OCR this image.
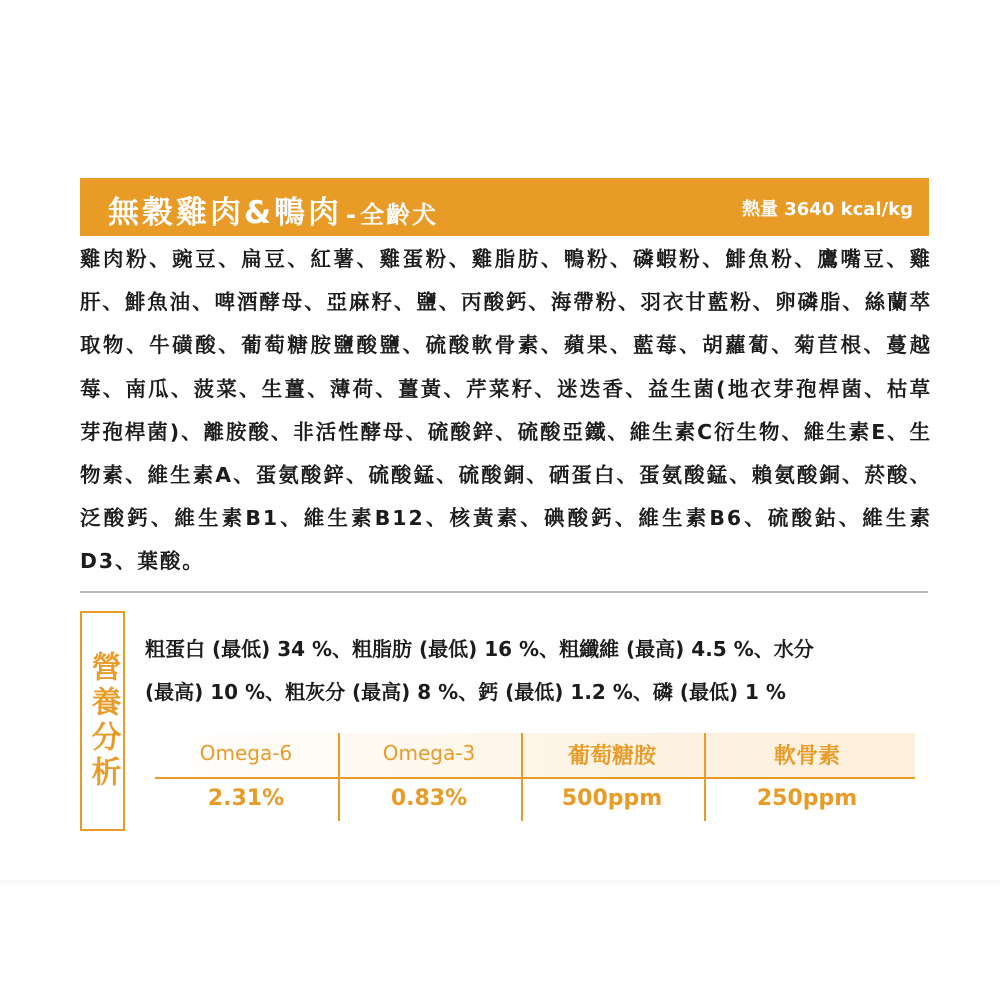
無穀雞肉&鴨肉 - 全齡犬	熱量 3640 kcal/kg

雞肉粉、豌豆、扁豆、紅薯、雞蛋粉、雞脂肪、鴨粉、磷蝦粉、鯡魚粉、鷹嘴豆、雞肝、鯡魚油、啤酒酵母、亞麻籽、鹽、丙酸鈣、海帶粉、羽衣甘藍粉、卵磷脂、絲蘭萃取物、牛磺酸、葡萄糖胺鹽酸鹽、硫酸軟骨素、蘋果、藍莓、胡蘿蔔、菊苣根、蔓越莓、南瓜、菠菜、生薑、薄荷、薑黃、芹菜籽、迷迭香、益生菌(地衣芽孢桿菌、枯草芽孢桿菌)、離胺酸、非活性酵母、硫酸鋅、硫酸亞鐵、維生素C衍生物、維生素E、生物素、維生素A、蛋氨酸鋅、硫酸錳、硫酸銅、硒蛋白、蛋氨酸錳、賴氨酸銅、菸酸、泛酸鈣、維生素B1、維生素B12、核黃素、碘酸鈣、維生素B6、硫酸鈷、維生素D3、葉酸。

營養分析
粗蛋白 (最低) 34 %、粗脂肪 (最低) 16 %、粗纖維 (最高) 4.5 %、水分
(最高) 10 %、粗灰分 (最高) 8 %、鈣 (最低) 1.2 %、磷 (最低) 1 %
Omega-6	Omega-3	葡萄糖胺	軟骨素
2.31%	0.83%	500ppm	250ppm
